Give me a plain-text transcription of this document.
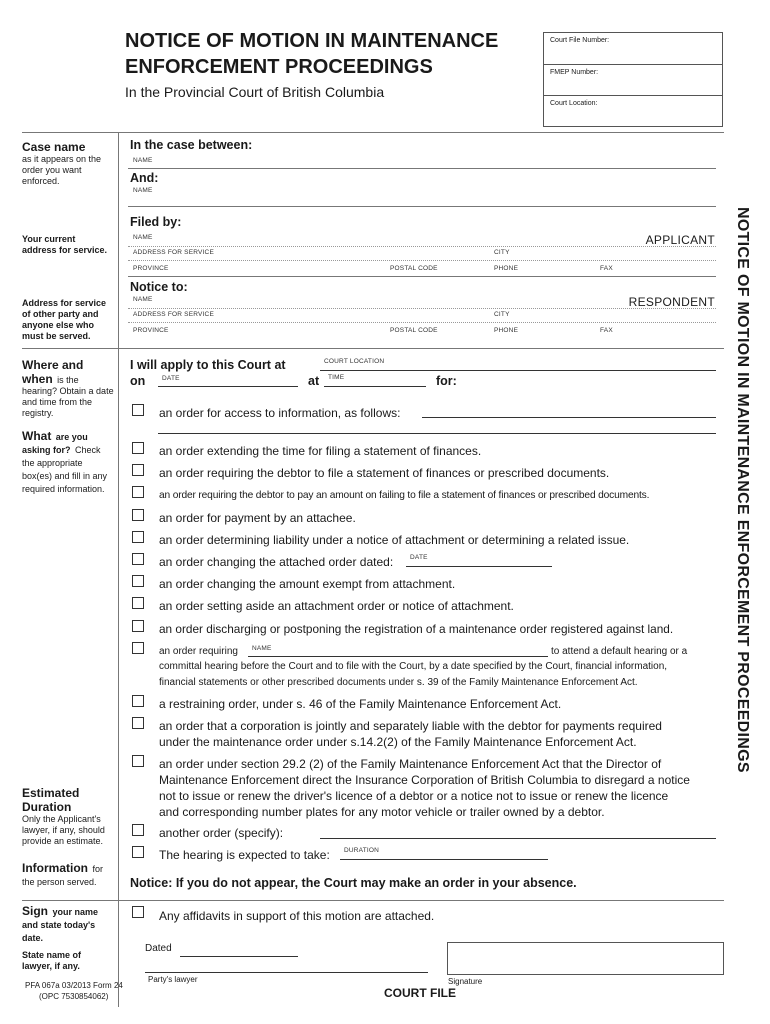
NOTICE OF MOTION IN MAINTENANCE ENFORCEMENT PROCEEDINGS
In the Provincial Court of British Columbia
Court File Number:
FMEP Number:
Court Location:
NOTICE OF MOTION IN MAINTENANCE ENFORCEMENT PROCEEDINGS
Case name
as it appears on the order you want enforced.
Your current address for service.
Address for service of other party and anyone else who must be served.
Where and
when is the
hearing? Obtain a date and time from the registry.
What are you asking for? Check the appropriate box(es) and fill in any required information.
Estimated Duration
Only the Applicant's lawyer, if any, should provide an estimate.
Information for the person served.
Sign your name and state today's date.
State name of lawyer, if any.
PFA 067a 03/2013 Form 24
(OPC 7530854062)
In the case between:
NAME
And:
NAME
Filed by:
NAME	APPLICANT
ADDRESS FOR SERVICE	CITY
PROVINCE	POSTAL CODE	PHONE	FAX
Notice to:
NAME	RESPONDENT
ADDRESS FOR SERVICE	CITY
PROVINCE	POSTAL CODE	PHONE	FAX
I will apply to this Court at	COURT LOCATION
on	DATE	at TIME	for:
an order for access to information, as follows:
an order extending the time for filing a statement of finances.
an order requiring the debtor to file a statement of finances or prescribed documents.
an order requiring the debtor to pay an amount on failing to file a statement of finances or prescribed documents.
an order for payment by an attachee.
an order determining liability under a notice of attachment or determining a related issue.
an order changing the attached order dated:	DATE
an order changing the amount exempt from attachment.
an order setting aside an attachment order or notice of attachment.
an order discharging or postponing the registration of a maintenance order registered against land.
an order requiring NAME	to attend a default hearing or a
committal hearing before the Court and to file with the Court, by a date specified by the Court, financial information,
financial statements or other prescribed documents under s. 39 of the Family Maintenance Enforcement Act.
a restraining order, under s. 46 of the Family Maintenance Enforcement Act.
an order that a corporation is jointly and separately liable with the debtor for payments required
under the maintenance order under s.14.2(2) of the Family Maintenance Enforcement Act.
an order under section 29.2 (2) of the Family Maintenance Enforcement Act that the Director of
Maintenance Enforcement direct the Insurance Corporation of British Columbia to disregard a notice
not to issue or renew the driver's licence of a debtor or a notice not to issue or renew the licence
and corresponding number plates for any motor vehicle or trailer owned by a debtor.
another order (specify):
The hearing is expected to take: DURATION
Notice: If you do not appear, the Court may make an order in your absence.
Any affidavits in support of this motion are attached.
Dated
Party's lawyer	Signature
COURT FILE
